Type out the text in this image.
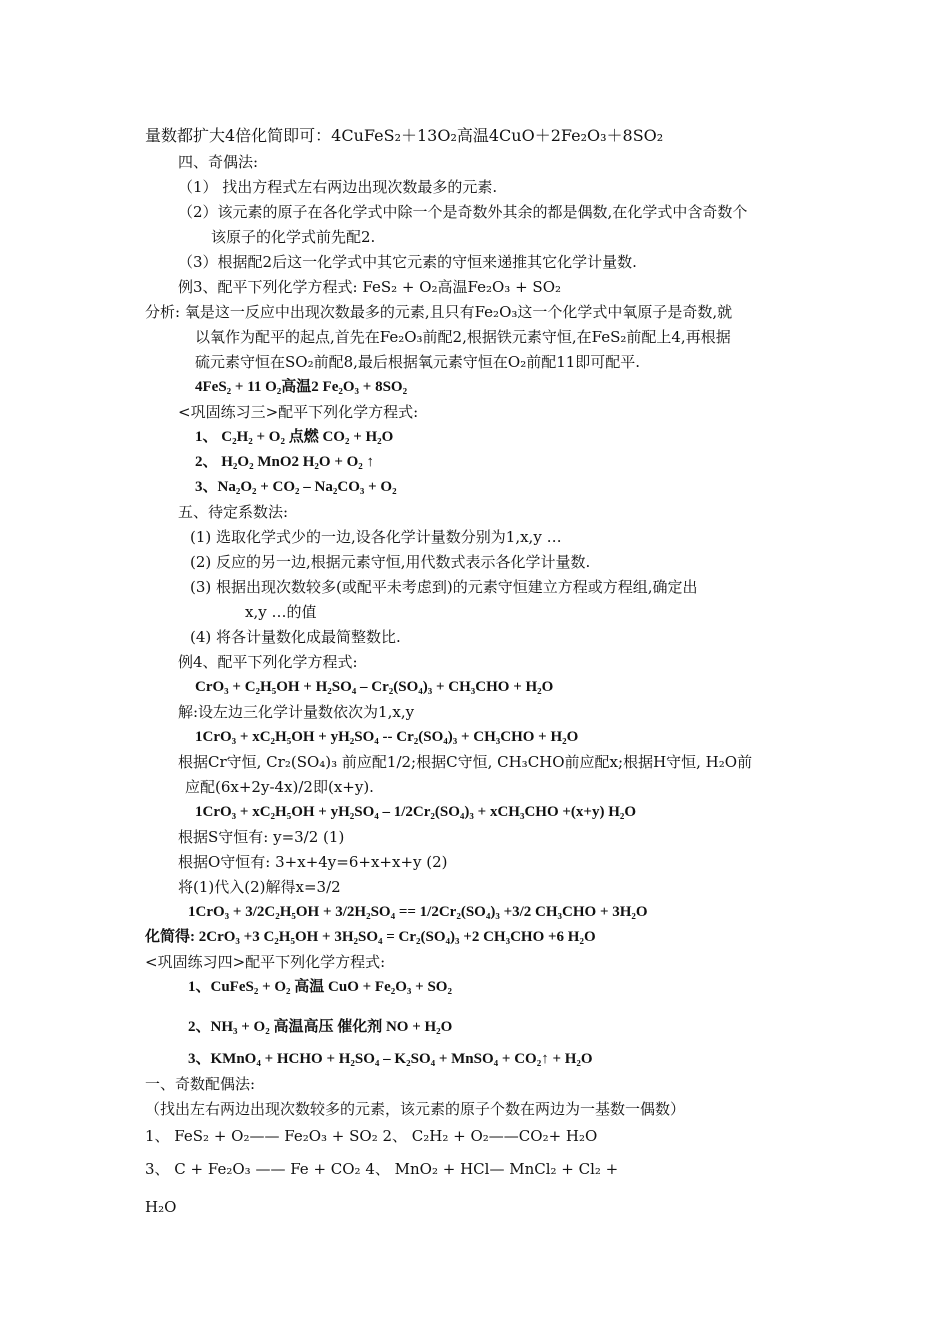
量数都扩大4倍化简即可：4CuFeS₂＋13O₂高温4CuO＋2Fe₂O₃＋8SO₂
四、奇偶法:
（1） 找出方程式左右两边出现次数最多的元素.
（2）该元素的原子在各化学式中除一个是奇数外其余的都是偶数,在化学式中含奇数个
该原子的化学式前先配2.
（3）根据配2后这一化学式中其它元素的守恒来递推其它化学计量数.
例3、配平下列化学方程式: FeS₂ + O₂高温Fe₂O₃ + SO₂
分析: 氧是这一反应中出现次数最多的元素,且只有Fe₂O₃这一个化学式中氧原子是奇数,就
以氧作为配平的起点,首先在Fe₂O₃前配2,根据铁元素守恒,在FeS₂前配上4,再根据
硫元素守恒在SO₂前配8,最后根据氧元素守恒在O₂前配11即可配平.
4FeS₂ + 11 O₂高温2 Fe₂O₃ + 8SO₂
<巩固练习三>配平下列化学方程式:
1、 C₂H₂ + O₂ 点燃 CO₂ + H₂O
2、 H₂O₂ MnO2 H₂O + O₂ ↑
3、Na₂O₂ + CO₂ – Na₂CO₃ + O₂
五、待定系数法:
(1) 选取化学式少的一边,设各化学计量数分别为1,x,y …
(2) 反应的另一边,根据元素守恒,用代数式表示各化学计量数.
(3) 根据出现次数较多(或配平未考虑到)的元素守恒建立方程或方程组,确定出
x,y …的值
(4) 将各计量数化成最简整数比.
例4、配平下列化学方程式:
CrO₃ + C₂H₅OH + H₂SO₄ – Cr₂(SO₄)₃ + CH₃CHO + H₂O
解:设左边三化学计量数依次为1,x,y
1CrO₃ + xC₂H₅OH + yH₂SO₄ -- Cr₂(SO₄)₃ + CH₃CHO + H₂O
根据Cr守恒, Cr₂(SO₄)₃ 前应配1/2;根据C守恒, CH₃CHO前应配x;根据H守恒, H₂O前
应配(6x+2y-4x)/2即(x+y).
1CrO₃ + xC₂H₅OH + yH₂SO₄ – 1/2Cr₂(SO₄)₃ + xCH₃CHO +(x+y) H₂O
根据S守恒有: y=3/2 (1)
根据O守恒有: 3+x+4y=6+x+x+y (2)
将(1)代入(2)解得x=3/2
1CrO₃ + 3/2C₂H₅OH + 3/2H₂SO₄ == 1/2Cr₂(SO₄)₃ +3/2 CH₃CHO + 3H₂O
化简得: 2CrO₃ +3 C₂H₅OH + 3H₂SO₄ = Cr₂(SO₄)₃ +2 CH₃CHO +6 H₂O
<巩固练习四>配平下列化学方程式:
1、CuFeS₂ + O₂ 高温 CuO + Fe₂O₃ + SO₂
2、NH₃ + O₂ 高温高压 催化剂 NO + H₂O
3、KMnO₄ + HCHO + H₂SO₄ – K₂SO₄ + MnSO₄ + CO₂↑ + H₂O
一、奇数配偶法:
（找出左右两边出现次数较多的元素，该元素的原子个数在两边为一基数一偶数）
1、 FeS₂ + O₂—— Fe₂O₃ + SO₂ 2、 C₂H₂ + O₂——CO₂+ H₂O
3、 C + Fe₂O₃ —— Fe + CO₂ 4、 MnO₂ + HCl— MnCl₂ + Cl₂ +
H₂O
